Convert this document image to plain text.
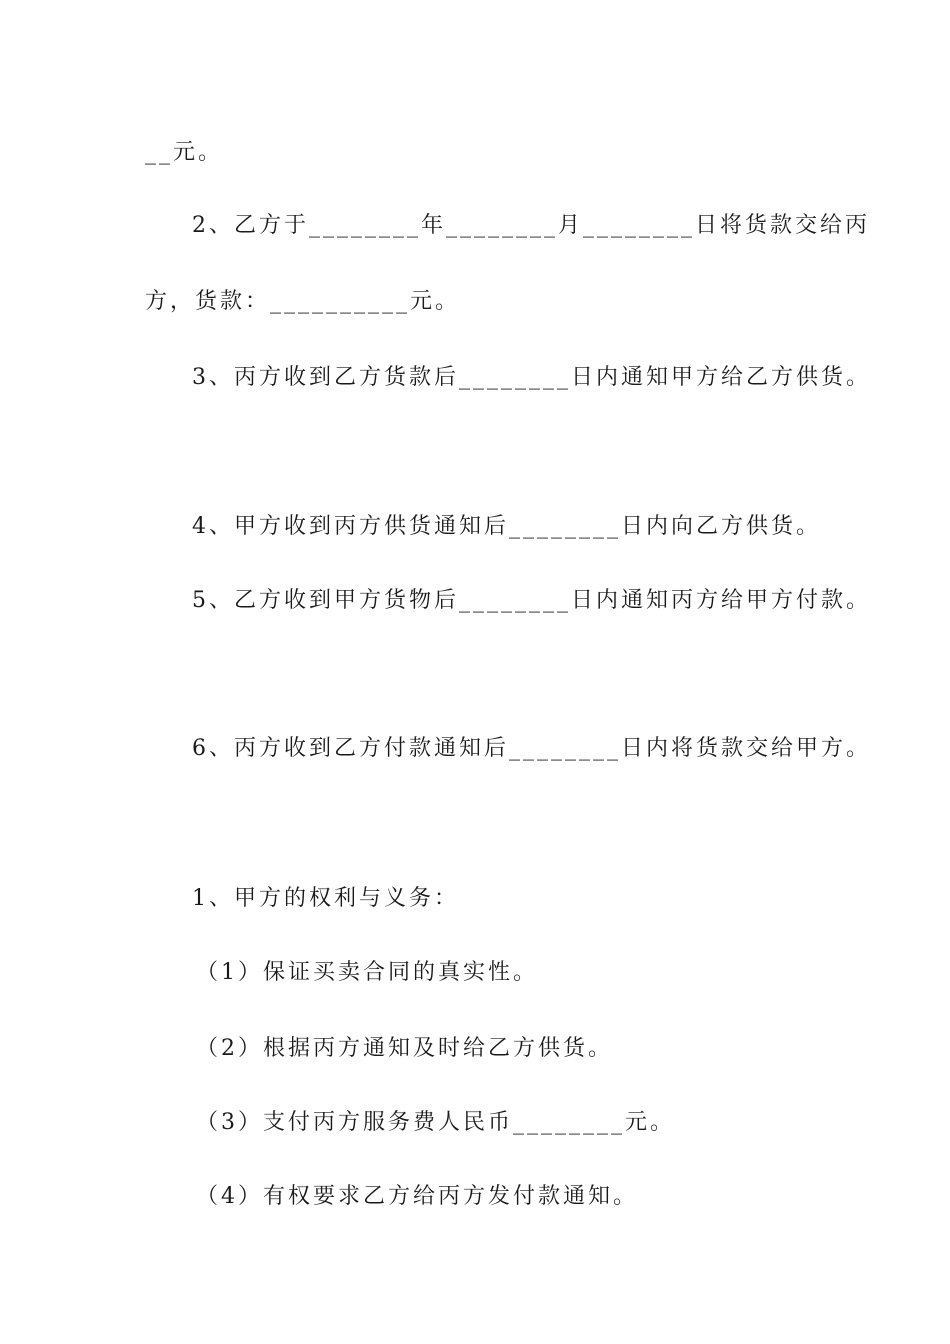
__元。
2、乙方于________年________月________日将货款交给丙
方，货款：__________元。
3、丙方收到乙方货款后________日内通知甲方给乙方供货。
4、甲方收到丙方供货通知后________日内向乙方供货。
5、乙方收到甲方货物后________日内通知丙方给甲方付款。
6、丙方收到乙方付款通知后________日内将货款交给甲方。
1、甲方的权利与义务：
（1）保证买卖合同的真实性。
（2）根据丙方通知及时给乙方供货。
（3）支付丙方服务费人民币________元。
（4）有权要求乙方给丙方发付款通知。
